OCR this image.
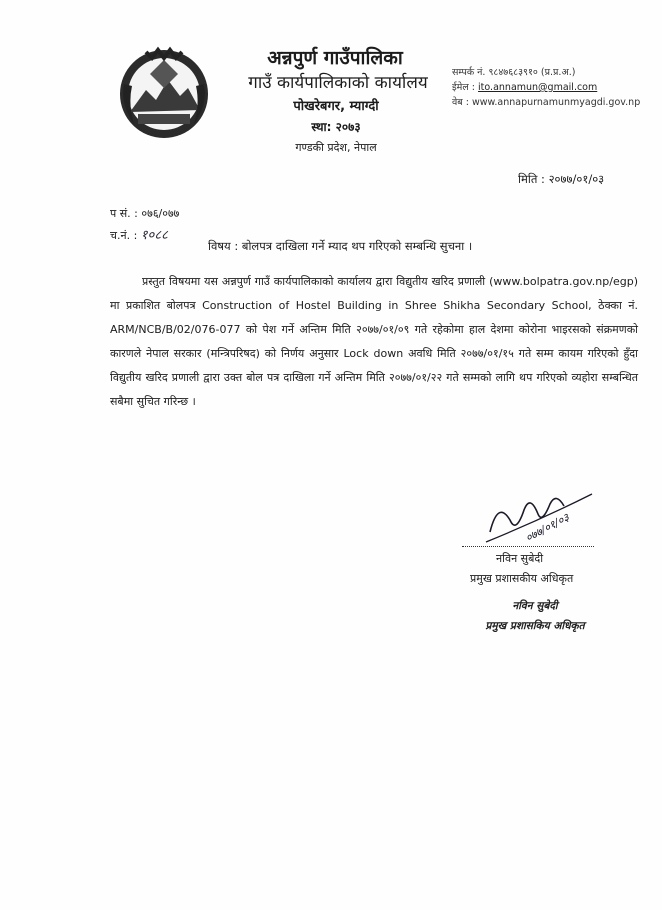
अन्नपुर्ण गाउँपालिका
गाउँ कार्यपालिकाको कार्यालय
पोखरेबगर, म्याग्दी
स्था: २०७३
गण्डकी प्रदेश, नेपाल
सम्पर्क नं. ९८४७६८३९१० (प्र.प्र.अ.)
ईमेल : ito.annamun@gmail.com
वेब : www.annapurnamunmyagdi.gov.np
मिति : २०७७/०१/०३
प सं. : ०७६/०७७
च.नं. : १०८८
विषय : बोलपत्र दाखिला गर्ने म्याद थप गरिएको सम्बन्धि सुचना ।

प्रस्तुत विषयमा यस अन्नपुर्ण गाउँ कार्यपालिकाको कार्यालय द्वारा विद्युतीय खरिद प्रणाली (www.bolpatra.gov.np/egp) मा प्रकाशित बोलपत्र Construction of Hostel Building in Shree Shikha Secondary School, ठेक्का नं. ARM/NCB/B/02/076-077 को पेश गर्ने अन्तिम मिति २०७७/०१/०९ गते रहेकोमा हाल देशमा कोरोना भाइरसको संक्रमणको कारणले नेपाल सरकार (मन्त्रिपरिषद) को निर्णय अनुसार Lock down अवधि मिति २०७७/०१/१५ गते सम्म कायम गरिएको हुँदा विद्युतीय खरिद प्रणाली द्वारा उक्त बोल पत्र दाखिला गर्ने अन्तिम मिति २०७७/०१/२२ गते सम्मको लागि थप गरिएको व्यहोरा सम्बन्धित सबैमा सुचित गरिन्छ ।

०७७/०१/०३
नविन सुबेदी
प्रमुख प्रशासकीय अधिकृत
नविन सुबेदी
प्रमुख प्रशासकिय अधिकृत
